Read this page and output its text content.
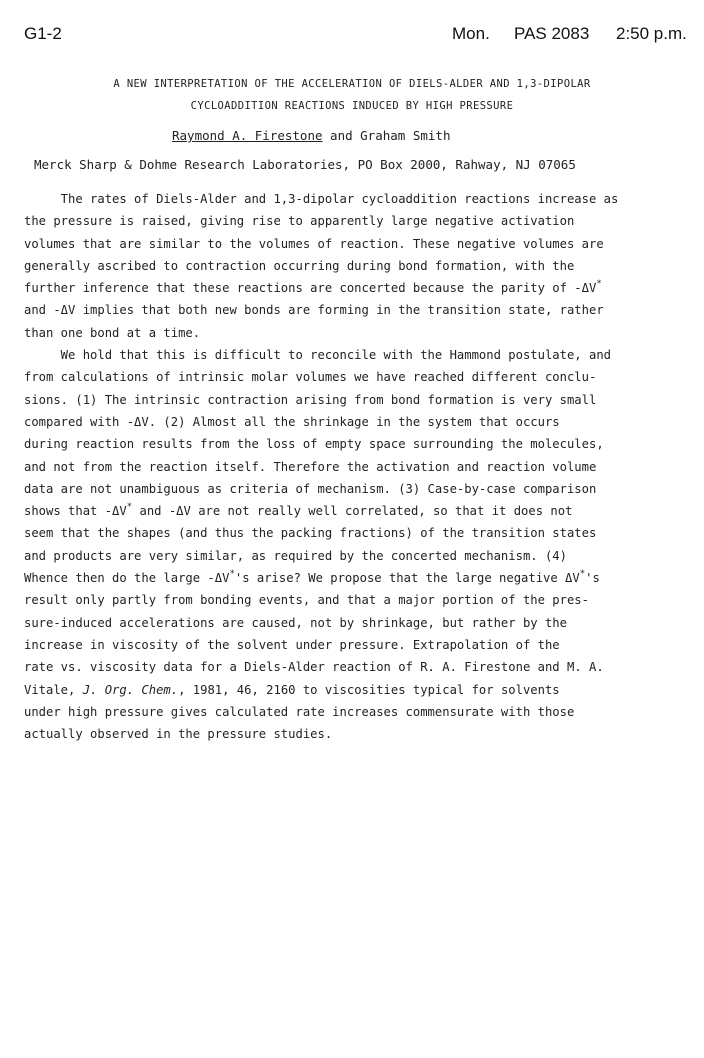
G1-2	Mon. PAS 2083 2:50 p.m.
A NEW INTERPRETATION OF THE ACCELERATION OF DIELS-ALDER AND 1,3-DIPOLAR
CYCLOADDITION REACTIONS INDUCED BY HIGH PRESSURE
Raymond A. Firestone and Graham Smith
Merck Sharp & Dohme Research Laboratories, PO Box 2000, Rahway, NJ 07065
The rates of Diels-Alder and 1,3-dipolar cycloaddition reactions increase as
the pressure is raised, giving rise to apparently large negative activation
volumes that are similar to the volumes of reaction. These negative volumes are
generally ascribed to contraction occurring during bond formation, with the
further inference that these reactions are concerted because the parity of -ΔV*
and -ΔV implies that both new bonds are forming in the transition state, rather
than one bond at a time.
We hold that this is difficult to reconcile with the Hammond postulate, and
from calculations of intrinsic molar volumes we have reached different conclu-
sions. (1) The intrinsic contraction arising from bond formation is very small
compared with -ΔV. (2) Almost all the shrinkage in the system that occurs
during reaction results from the loss of empty space surrounding the molecules,
and not from the reaction itself. Therefore the activation and reaction volume
data are not unambiguous as criteria of mechanism. (3) Case-by-case comparison
shows that -ΔV* and -ΔV are not really well correlated, so that it does not
seem that the shapes (and thus the packing fractions) of the transition states
and products are very similar, as required by the concerted mechanism. (4)
Whence then do the large -ΔV*'s arise? We propose that the large negative ΔV*'s
result only partly from bonding events, and that a major portion of the pres-
sure-induced accelerations are caused, not by shrinkage, but rather by the
increase in viscosity of the solvent under pressure. Extrapolation of the
rate vs. viscosity data for a Diels-Alder reaction of R. A. Firestone and M. A.
Vitale, J. Org. Chem., 1981, 46, 2160 to viscosities typical for solvents
under high pressure gives calculated rate increases commensurate with those
actually observed in the pressure studies.
